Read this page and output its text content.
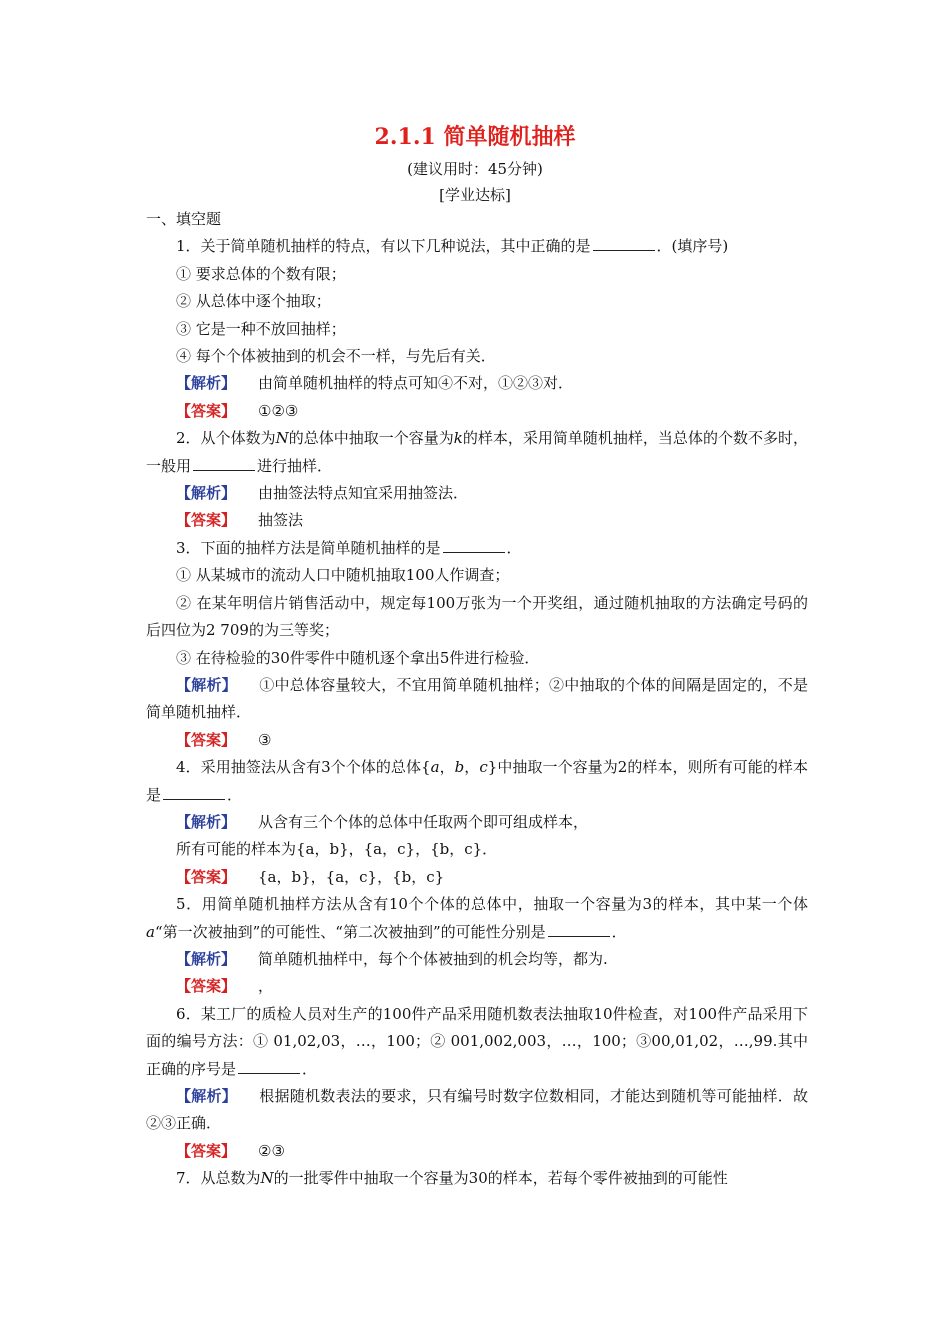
2.1.1 简单随机抽样
(建议用时：45分钟)
[学业达标]
一、填空题
1．关于简单随机抽样的特点，有以下几种说法，其中正确的是	．(填序号)
① 要求总体的个数有限；
② 从总体中逐个抽取；
③ 它是一种不放回抽样；
④ 每个个体被抽到的机会不一样，与先后有关．
【解析】 由简单随机抽样的特点可知④不对，①②③对．
【答案】 ①②③
2．从个体数为N的总体中抽取一个容量为k的样本，采用简单随机抽样，当总体的个数不多时，一般用	进行抽样．
【解析】 由抽签法特点知宜采用抽签法．
【答案】 抽签法
3．下面的抽样方法是简单随机抽样的是	．
① 从某城市的流动人口中随机抽取100人作调查；
② 在某年明信片销售活动中，规定每100万张为一个开奖组，通过随机抽取的方法确定号码的后四位为2 709的为三等奖；
③ 在待检验的30件零件中随机逐个拿出5件进行检验．
【解析】 ①中总体容量较大，不宜用简单随机抽样；②中抽取的个体的间隔是固定的，不是简单随机抽样．
【答案】 ③
4．采用抽签法从含有3个个体的总体{a，b，c}中抽取一个容量为2的样本，则所有可能的样本是	．
【解析】 从含有三个个体的总体中任取两个即可组成样本，
所有可能的样本为{a，b}，{a，c}，{b，c}．
【答案】 {a，b}，{a，c}，{b，c}
5．用简单随机抽样方法从含有10个个体的总体中，抽取一个容量为3的样本，其中某一个体a“第一次被抽到”的可能性、“第二次被抽到”的可能性分别是	．
【解析】 简单随机抽样中，每个个体被抽到的机会均等，都为.
【答案】 ，
6．某工厂的质检人员对生产的100件产品采用随机数表法抽取10件检查，对100件产品采用下面的编号方法：① 01,02,03，…，100；② 001,002,003，…，100；③00,01,02，…,99.其中正确的序号是	．
【解析】 根据随机数表法的要求，只有编号时数字位数相同，才能达到随机等可能抽样．故②③正确．
【答案】 ②③
7．从总数为N的一批零件中抽取一个容量为30的样本，若每个零件被抽到的可能性
